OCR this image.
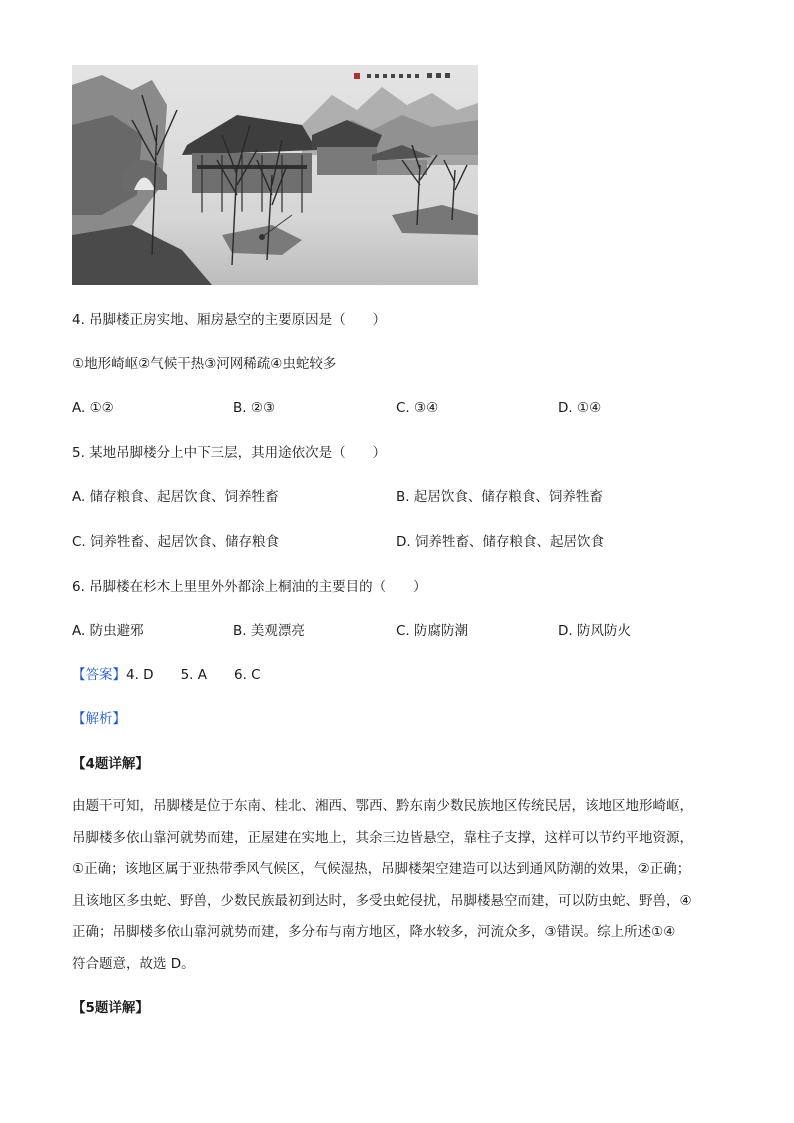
4. 吊脚楼正房实地、厢房悬空的主要原因是（　　）
①地形崎岖②气候干热③河网稀疏④虫蛇较多
A. ①②	B. ②③	C. ③④	D. ①④
5. 某地吊脚楼分上中下三层，其用途依次是（　　）
A. 储存粮食、起居饮食、饲养牲畜	B. 起居饮食、储存粮食、饲养牲畜
C. 饲养牲畜、起居饮食、储存粮食	D. 饲养牲畜、储存粮食、起居饮食
6. 吊脚楼在杉木上里里外外都涂上桐油的主要目的（　　）
A. 防虫避邪	B. 美观漂亮	C. 防腐防潮	D. 防风防火
【答案】4. D　　5. A　　6. C
【解析】
【4题详解】

由题干可知，吊脚楼是位于东南、桂北、湘西、鄂西、黔东南少数民族地区传统民居，该地区地形崎岖，

吊脚楼多依山靠河就势而建，正屋建在实地上，其余三边皆悬空，靠柱子支撑，这样可以节约平地资源，

①正确；该地区属于亚热带季风气候区，气候湿热，吊脚楼架空建造可以达到通风防潮的效果，②正确；

且该地区多虫蛇、野兽，少数民族最初到达时，多受虫蛇侵扰，吊脚楼悬空而建，可以防虫蛇、野兽，④

正确；吊脚楼多依山靠河就势而建，多分布与南方地区，降水较多，河流众多，③错误。综上所述①④

符合题意，故选 D。

【5题详解】
